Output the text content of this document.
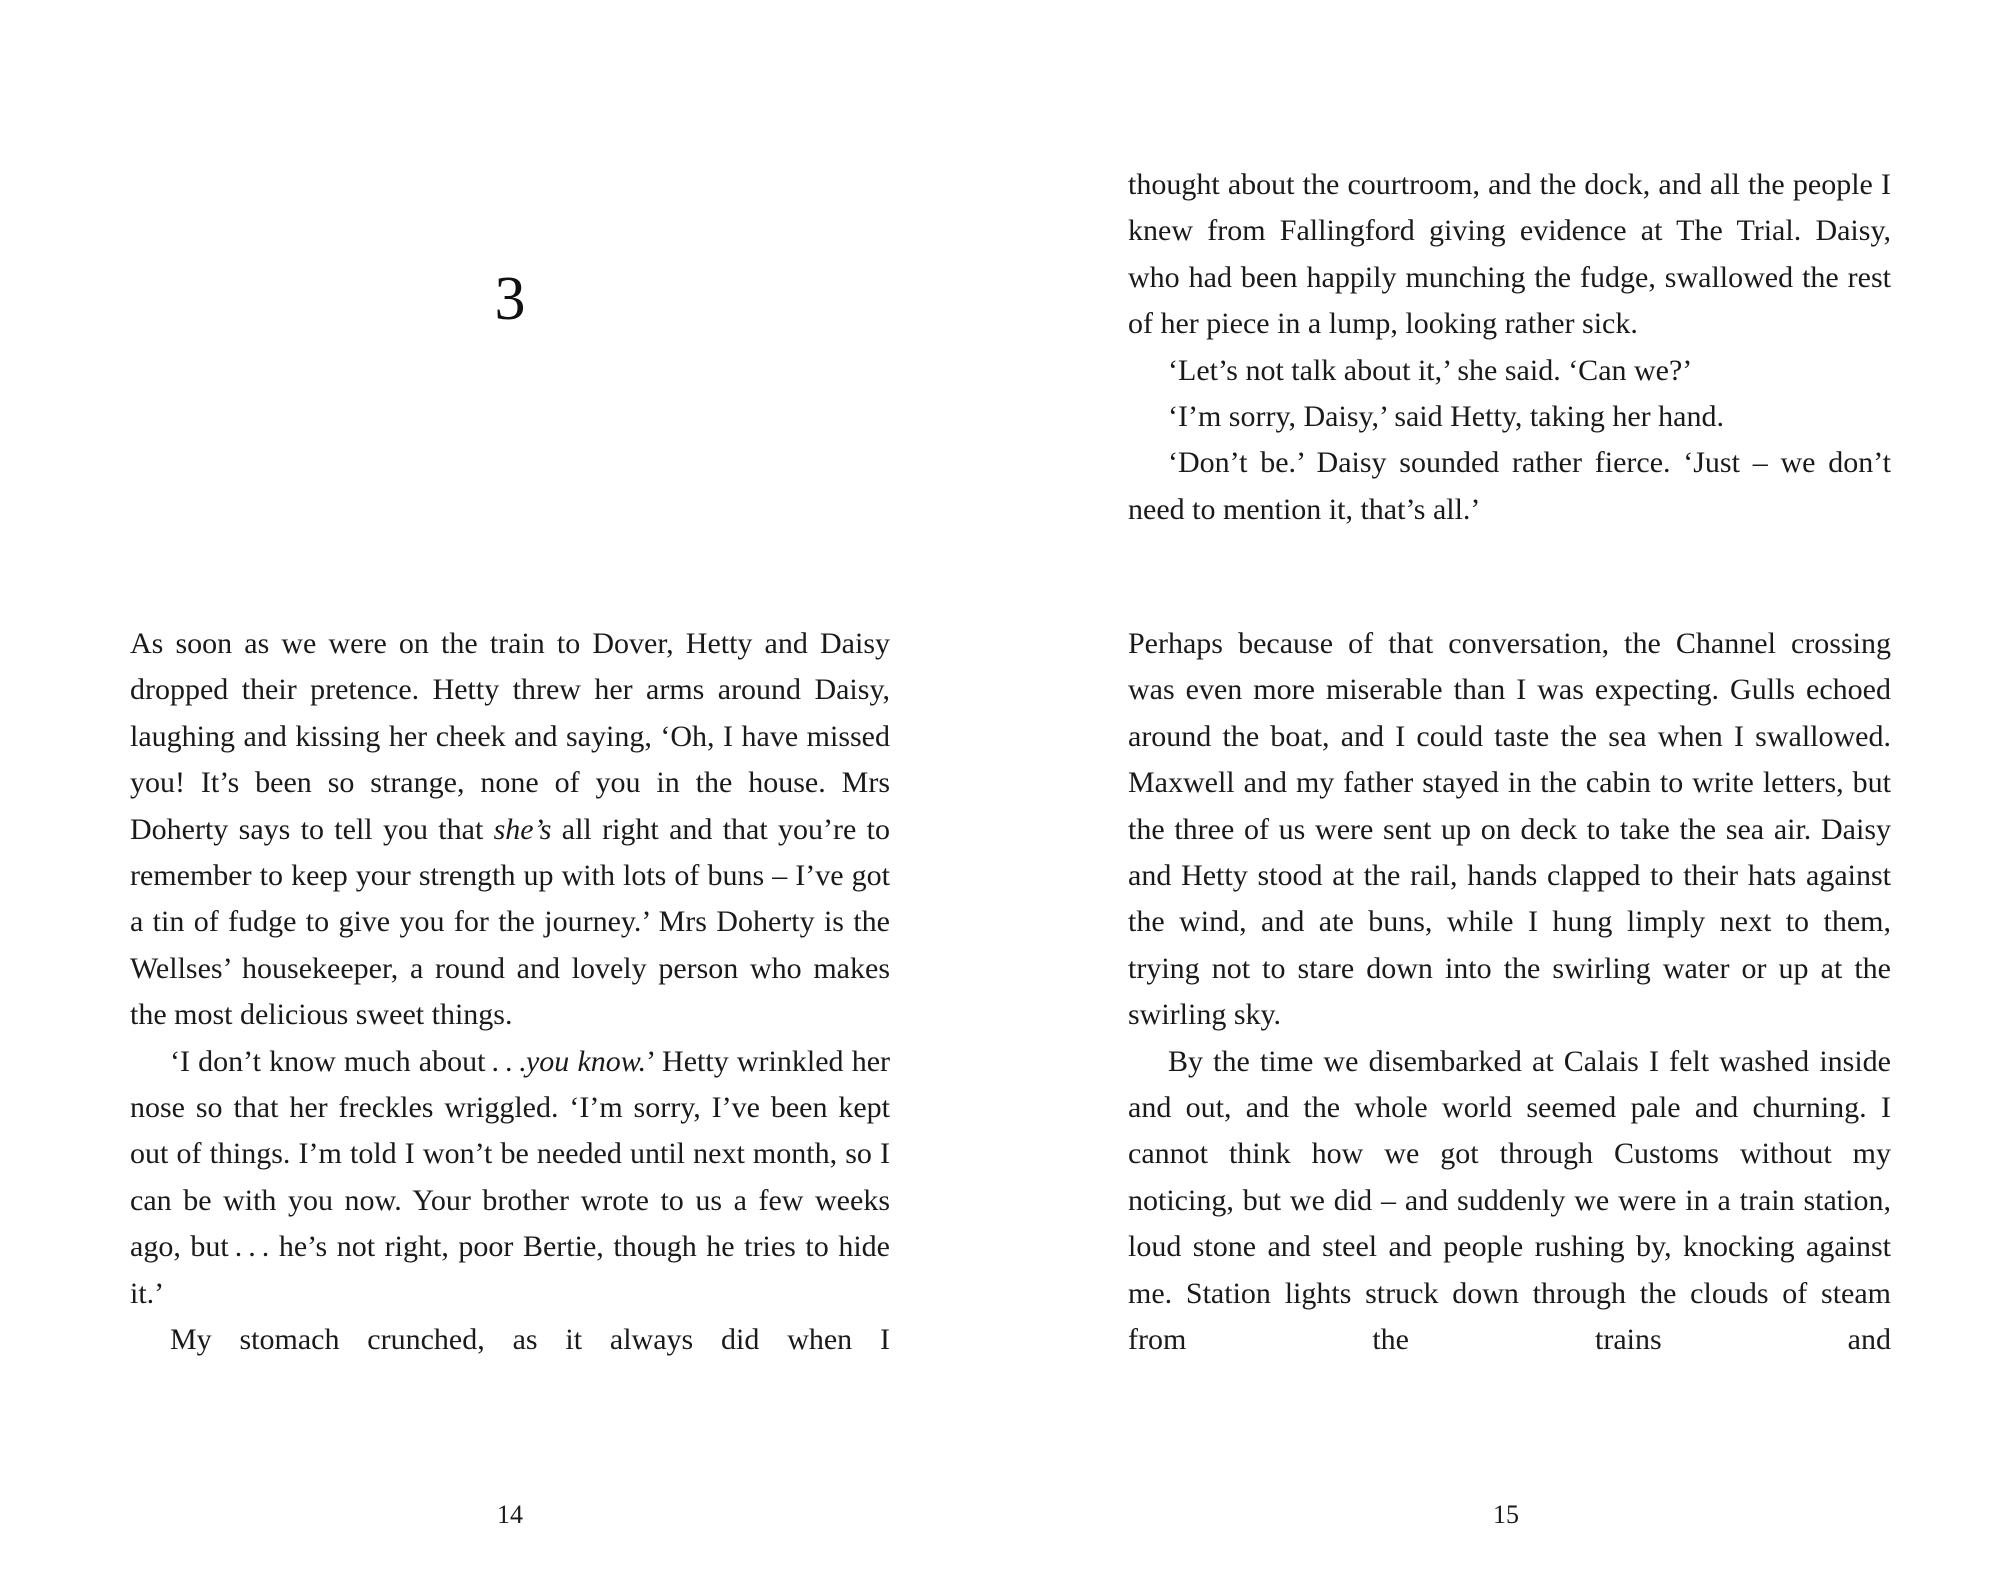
3

As soon as we were on the train to Dover, Hetty and Daisy dropped their pretence. Hetty threw her arms around Daisy, laughing and kissing her cheek and saying, ‘Oh, I have missed you! It’s been so strange, none of you in the house. Mrs Doherty says to tell you that she’s all right and that you’re to remember to keep your strength up with lots of buns – I’ve got a tin of fudge to give you for the journey.’ Mrs Doherty is the Wellses’ housekeeper, a round and lovely person who makes the most delicious sweet things.

‘I don’t know much about . . .you know.’ Hetty wrinkled her nose so that her freckles wriggled. ‘I’m sorry, I’ve been kept out of things. I’m told I won’t be needed until next month, so I can be with you now. Your brother wrote to us a few weeks ago, but . . . he’s not right, poor Bertie, though he tries to hide it.’

My stomach crunched, as it always did when I

14

thought about the courtroom, and the dock, and all the people I knew from Fallingford giving evidence at The Trial. Daisy, who had been happily munching the fudge, swallowed the rest of her piece in a lump, looking rather sick.

‘Let’s not talk about it,’ she said. ‘Can we?’

‘I’m sorry, Daisy,’ said Hetty, taking her hand.

‘Don’t be.’ Daisy sounded rather fierce. ‘Just – we don’t need to mention it, that’s all.’

Perhaps because of that conversation, the Channel crossing was even more miserable than I was expecting. Gulls echoed around the boat, and I could taste the sea when I swallowed. Maxwell and my father stayed in the cabin to write letters, but the three of us were sent up on deck to take the sea air. Daisy and Hetty stood at the rail, hands clapped to their hats against the wind, and ate buns, while I hung limply next to them, trying not to stare down into the swirling water or up at the swirling sky.

By the time we disembarked at Calais I felt washed inside and out, and the whole world seemed pale and churning. I cannot think how we got through Customs without my noticing, but we did – and suddenly we were in a train station, loud stone and steel and people rushing by, knocking against me. Station lights struck down through the clouds of steam from the trains and

15
